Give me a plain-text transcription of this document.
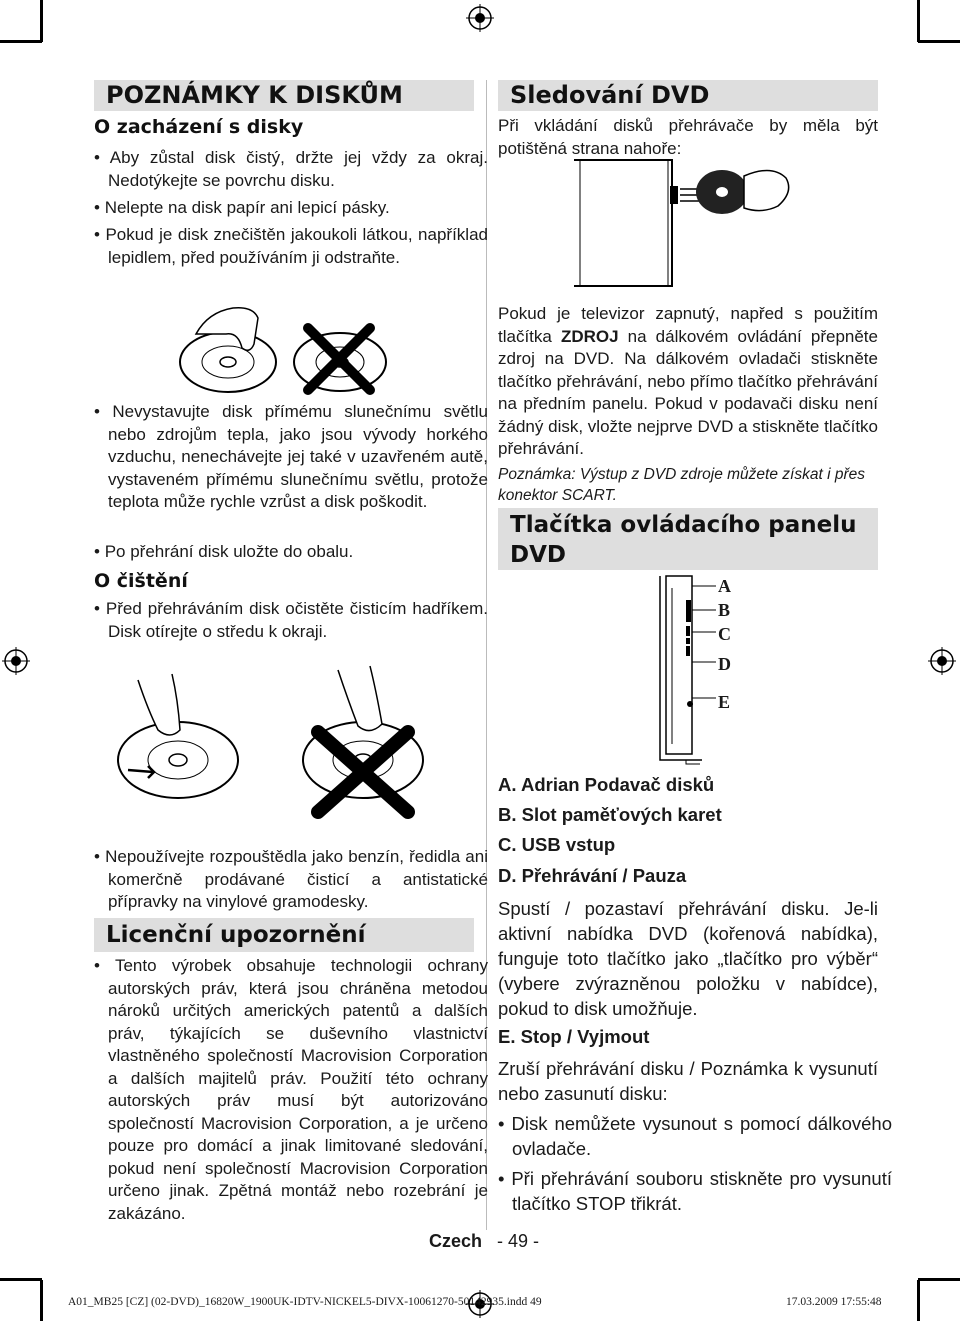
POZNÁMKY K DISKŮM
O zacházení s disky
• Aby zůstal disk čistý, držte jej vždy za okraj. Nedotýkejte se povrchu disku.
• Nelepte na disk papír ani lepicí pásky.
• Pokud je disk znečištěn jakoukoli látkou, například lepidlem, před používáním ji odstraňte.
• Nevystavujte disk přímému slunečnímu světlu nebo zdrojům tepla, jako jsou vývody horkého vzduchu, nenechávejte jej také v uzavřeném autě, vystaveném přímému slunečnímu světlu, protože teplota může rychle vzrůst a disk poškodit.
• Po přehrání disk uložte do obalu.
O čištění
• Před přehráváním disk očistěte čisticím hadříkem. Disk otírejte o středu k okraji.
• Nepoužívejte rozpouštědla jako benzín, ředidla ani komerčně prodávané čisticí a antistatické přípravky na vinylové gramodesky.
Licenční upozornění
• Tento výrobek obsahuje technologii ochrany autorských práv, která jsou chráněna metodou nároků určitých amerických patentů a dalších práv, týkajících se duševního vlastnictví vlastněného společností Macrovision Corporation a dalších majitelů práv. Použití této ochrany autorských práv musí být autorizováno společností Macrovision Corporation, a je určeno pouze pro domácí a jinak limitované sledování, pokud není společností Macrovision Corporation určeno jinak. Zpětná montáž nebo rozebrání je zakázáno.
Sledování DVD
Při vkládání disků přehrávače by měla být potištěná strana nahoře:
Pokud je televizor zapnutý, napřed s použitím tlačítka ZDROJ na dálkovém ovládání přepněte zdroj na DVD. Na dálkovém ovladači stiskněte tlačítko přehrávání, nebo přímo tlačítko přehrávání na předním panelu. Pokud v podavači disku není žádný disk, vložte nejprve DVD a stiskněte tlačítko přehrávání.
Poznámka: Výstup z DVD zdroje můžete získat i přes konektor SCART.
Tlačítka ovládacího panelu DVD
A
B
C
D
E
A. Adrian Podavač disků
B. Slot paměťových karet
C. USB vstup
D. Přehrávání / Pauza
Spustí / pozastaví přehrávání disku. Je-li aktivní nabídka DVD (kořenová nabídka), funguje toto tlačítko jako „tlačítko pro výběr“ (vybere zvýrazněnou položku v nabídce), pokud to disk umožňuje.
E. Stop / Vyjmout
Zruší přehrávání disku / Poznámka k vysunutí nebo zasunutí disku:
• Disk nemůžete vysunout s pomocí dálkového ovladače.
• Při přehrávání souboru stiskněte pro vysunutí tlačítko STOP třikrát.
Czech - 49 -
A01_MB25 [CZ] (02-DVD)_16820W_1900UK-IDTV-NICKEL5-DIVX-10061270-50142935.indd 49	17.03.2009 17:55:48
